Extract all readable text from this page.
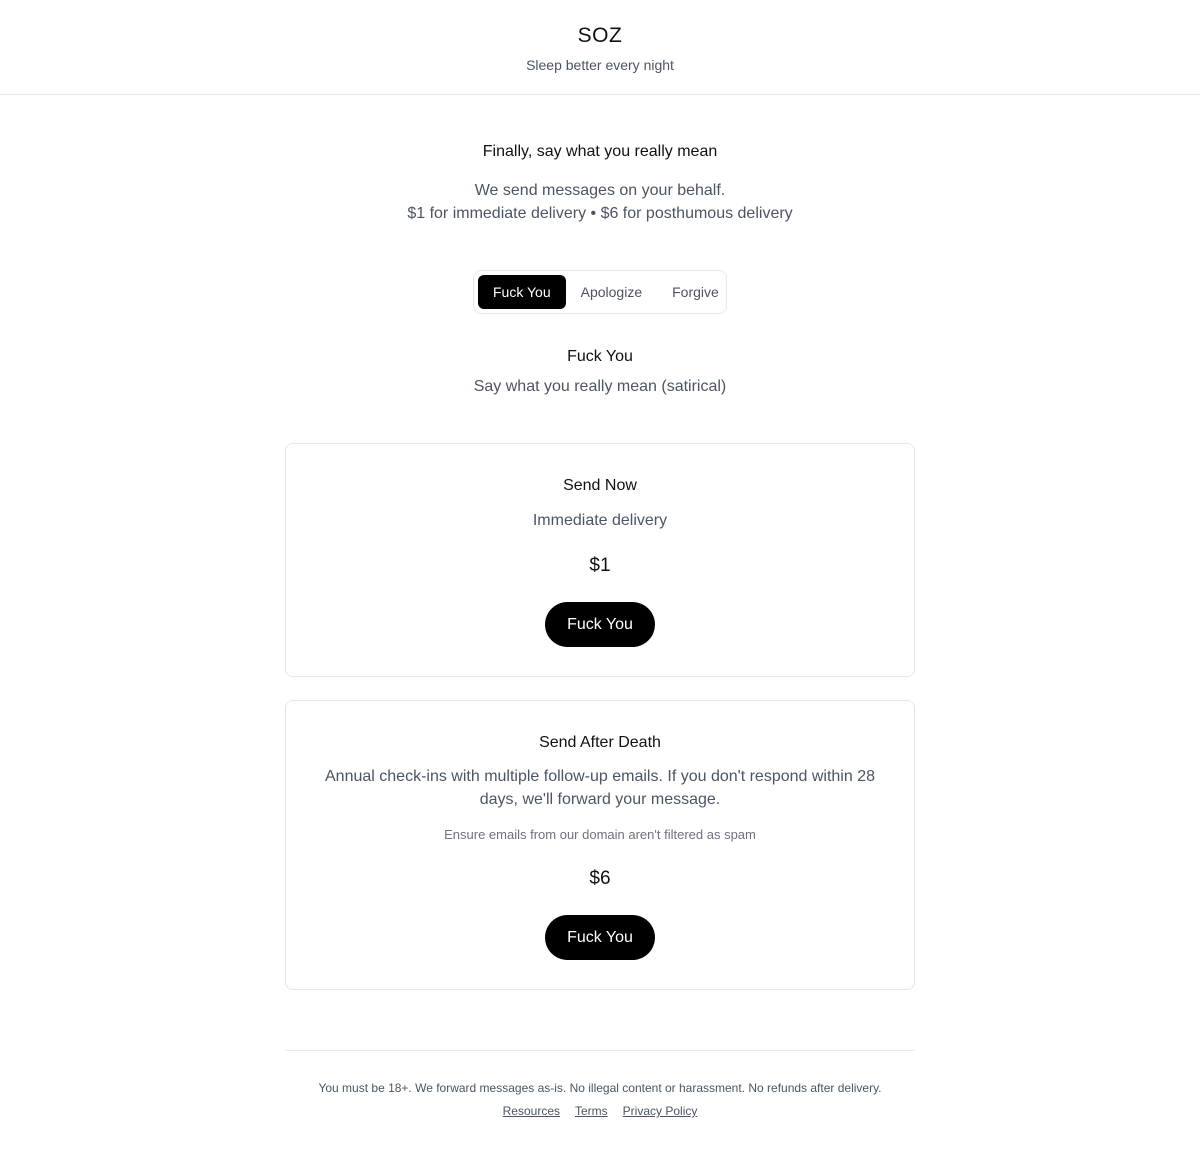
SOZ
Sleep better every night
Finally, say what you really mean
We send messages on your behalf.
$1 for immediate delivery • $6 for posthumous delivery
Fuck You	Apologize	Forgive
Fuck You
Say what you really mean (satirical)
Send Now
Immediate delivery
$1
Fuck You
Send After Death
Annual check-ins with multiple follow-up emails. If you don't respond within 28 days, we'll forward your message.
Ensure emails from our domain aren't filtered as spam
$6
Fuck You
You must be 18+. We forward messages as-is. No illegal content or harassment. No refunds after delivery.
Resources Terms Privacy Policy
